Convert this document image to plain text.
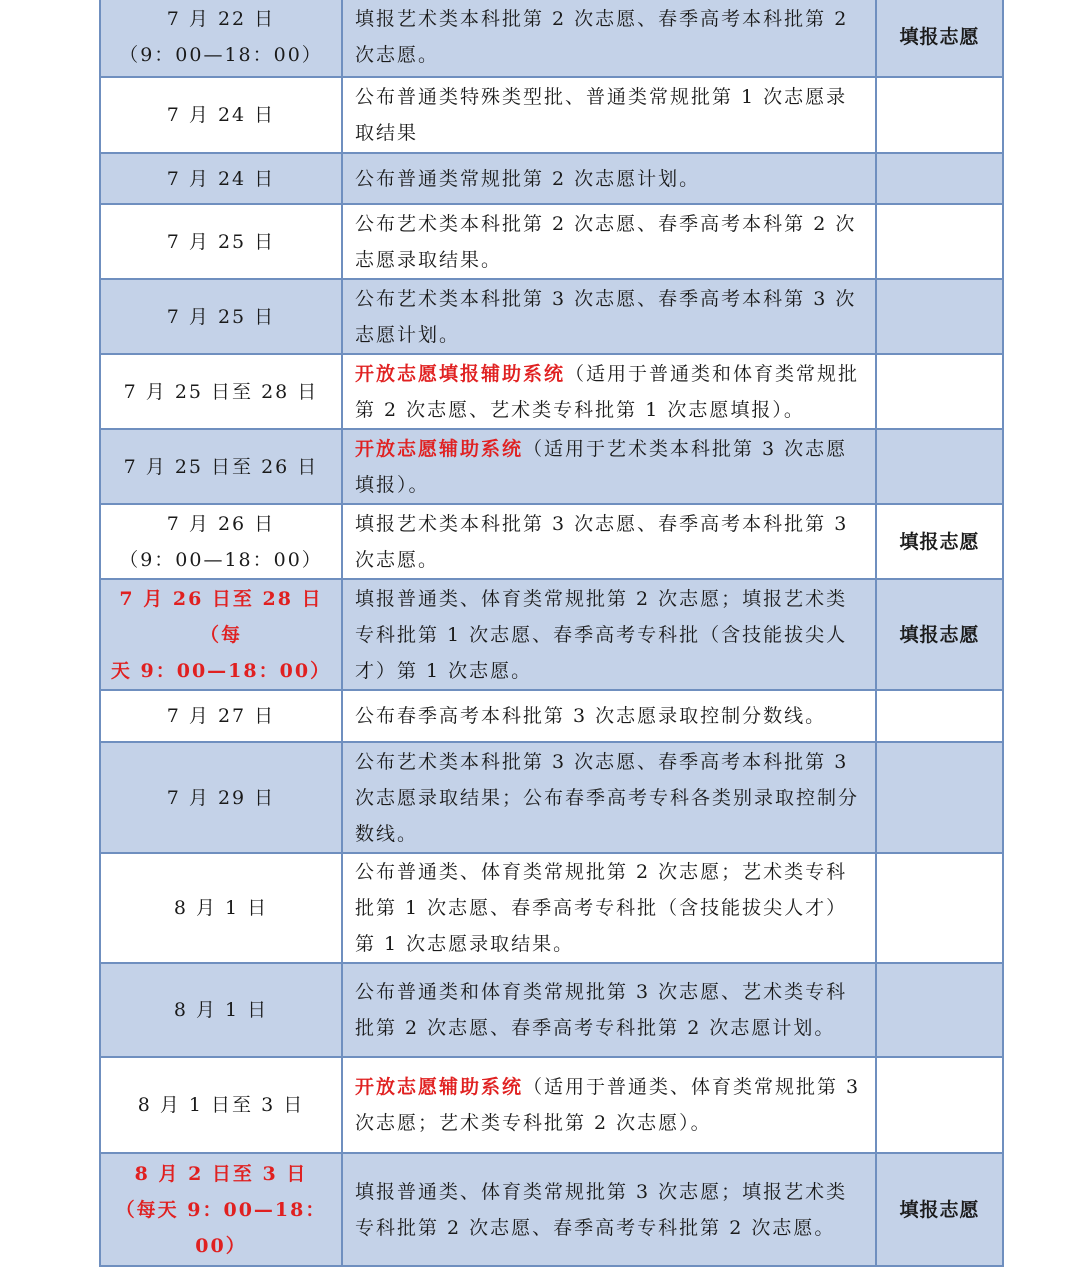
7 月 22 日
（9：00—18：00）	填报艺术类本科批第 2 次志愿、春季高考本科批第 2 次志愿。	填报志愿

7 月 24 日	公布普通类特殊类型批、普通类常规批第 1 次志愿录取结果	

7 月 24 日	公布普通类常规批第 2 次志愿计划。	

7 月 25 日	公布艺术类本科批第 2 次志愿、春季高考本科第 2 次志愿录取结果。	

7 月 25 日	公布艺术类本科批第 3 次志愿、春季高考本科第 3 次志愿计划。	

7 月 25 日至 28 日	开放志愿填报辅助系统（适用于普通类和体育类常规批第 2 次志愿、艺术类专科批第 1 次志愿填报）。	

7 月 25 日至 26 日	开放志愿辅助系统（适用于艺术类本科批第 3 次志愿填报）。	

7 月 26 日
（9：00—18：00）	填报艺术类本科批第 3 次志愿、春季高考本科批第 3 次志愿。	填报志愿

7 月 26 日至 28 日（每
天 9：00—18：00）	填报普通类、体育类常规批第 2 次志愿；填报艺术类专科批第 1 次志愿、春季高考专科批（含技能拔尖人才）第 1 次志愿。	填报志愿

7 月 27 日	公布春季高考本科批第 3 次志愿录取控制分数线。	

7 月 29 日	公布艺术类本科批第 3 次志愿、春季高考本科批第 3 次志愿录取结果；公布春季高考专科各类别录取控制分数线。	

8 月 1 日	公布普通类、体育类常规批第 2 次志愿；艺术类专科批第 1 次志愿、春季高考专科批（含技能拔尖人才）第 1 次志愿录取结果。	

8 月 1 日	公布普通类和体育类常规批第 3 次志愿、艺术类专科批第 2 次志愿、春季高考专科批第 2 次志愿计划。	

8 月 1 日至 3 日	开放志愿辅助系统（适用于普通类、体育类常规批第 3 次志愿；艺术类专科批第 2 次志愿）。	

8 月 2 日至 3 日
（每天 9：00—18：00）	填报普通类、体育类常规批第 3 次志愿；填报艺术类专科批第 2 次志愿、春季高考专科批第 2 次志愿。	填报志愿
